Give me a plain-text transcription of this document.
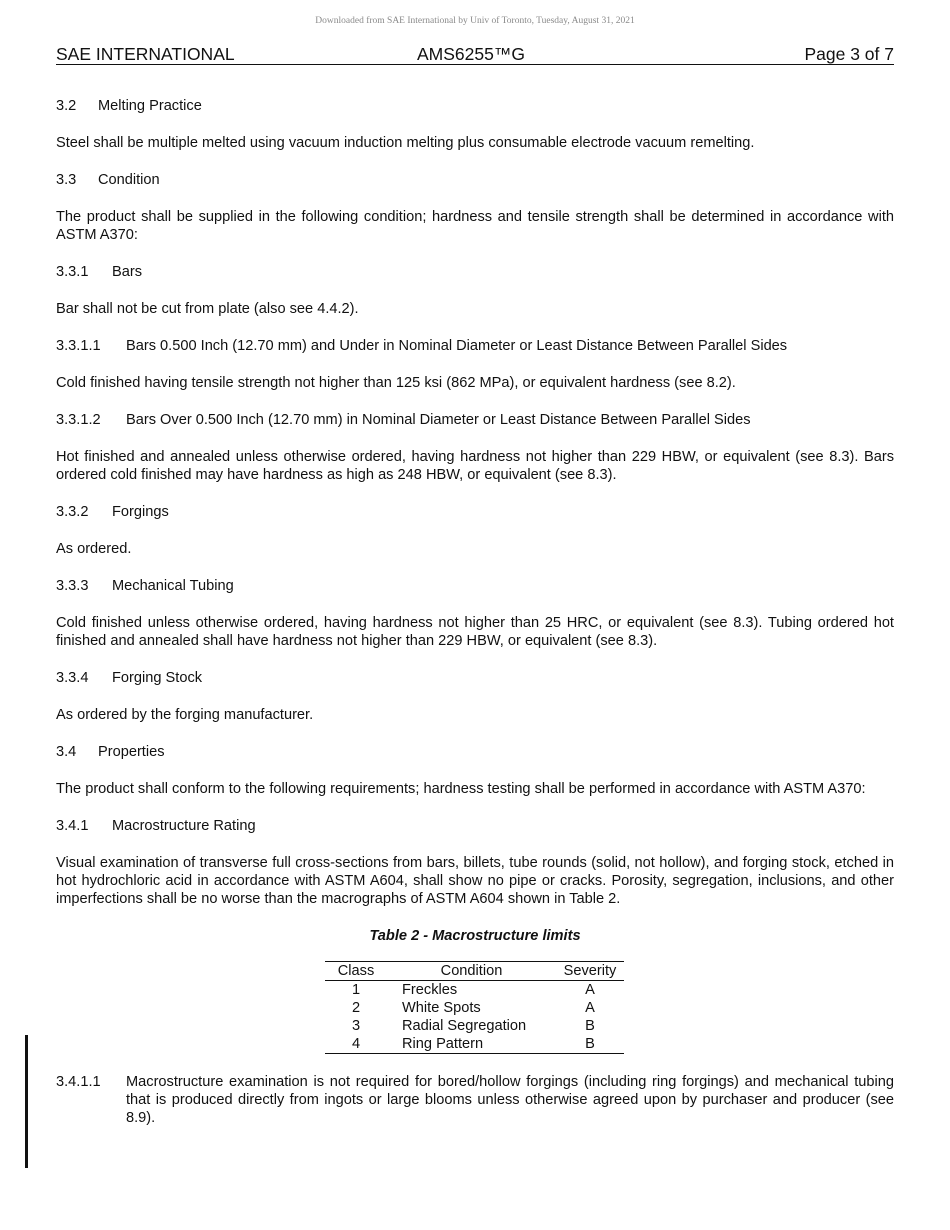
Downloaded from SAE International by Univ of Toronto, Tuesday, August 31, 2021
SAE INTERNATIONAL	AMS6255™G	Page 3 of 7
3.2 Melting Practice

Steel shall be multiple melted using vacuum induction melting plus consumable electrode vacuum remelting.

3.3 Condition

The product shall be supplied in the following condition; hardness and tensile strength shall be determined in accordance with ASTM A370:

3.3.1 Bars

Bar shall not be cut from plate (also see 4.4.2).

3.3.1.1 Bars 0.500 Inch (12.70 mm) and Under in Nominal Diameter or Least Distance Between Parallel Sides

Cold finished having tensile strength not higher than 125 ksi (862 MPa), or equivalent hardness (see 8.2).

3.3.1.2 Bars Over 0.500 Inch (12.70 mm) in Nominal Diameter or Least Distance Between Parallel Sides

Hot finished and annealed unless otherwise ordered, having hardness not higher than 229 HBW, or equivalent (see 8.3). Bars ordered cold finished may have hardness as high as 248 HBW, or equivalent (see 8.3).

3.3.2 Forgings

As ordered.

3.3.3 Mechanical Tubing

Cold finished unless otherwise ordered, having hardness not higher than 25 HRC, or equivalent (see 8.3). Tubing ordered hot finished and annealed shall have hardness not higher than 229 HBW, or equivalent (see 8.3).

3.3.4 Forging Stock

As ordered by the forging manufacturer.

3.4 Properties

The product shall conform to the following requirements; hardness testing shall be performed in accordance with ASTM A370:

3.4.1 Macrostructure Rating

Visual examination of transverse full cross-sections from bars, billets, tube rounds (solid, not hollow), and forging stock, etched in hot hydrochloric acid in accordance with ASTM A604, shall show no pipe or cracks. Porosity, segregation, inclusions, and other imperfections shall be no worse than the macrographs of ASTM A604 shown in Table 2.

Table 2 - Macrostructure limits
Class	Condition	Severity
1	Freckles	A
2	White Spots	A
3	Radial Segregation	B
4	Ring Pattern	B
3.4.1.1	Macrostructure examination is not required for bored/hollow forgings (including ring forgings) and mechanical tubing that is produced directly from ingots or large blooms unless otherwise agreed upon by purchaser and producer (see 8.9).
